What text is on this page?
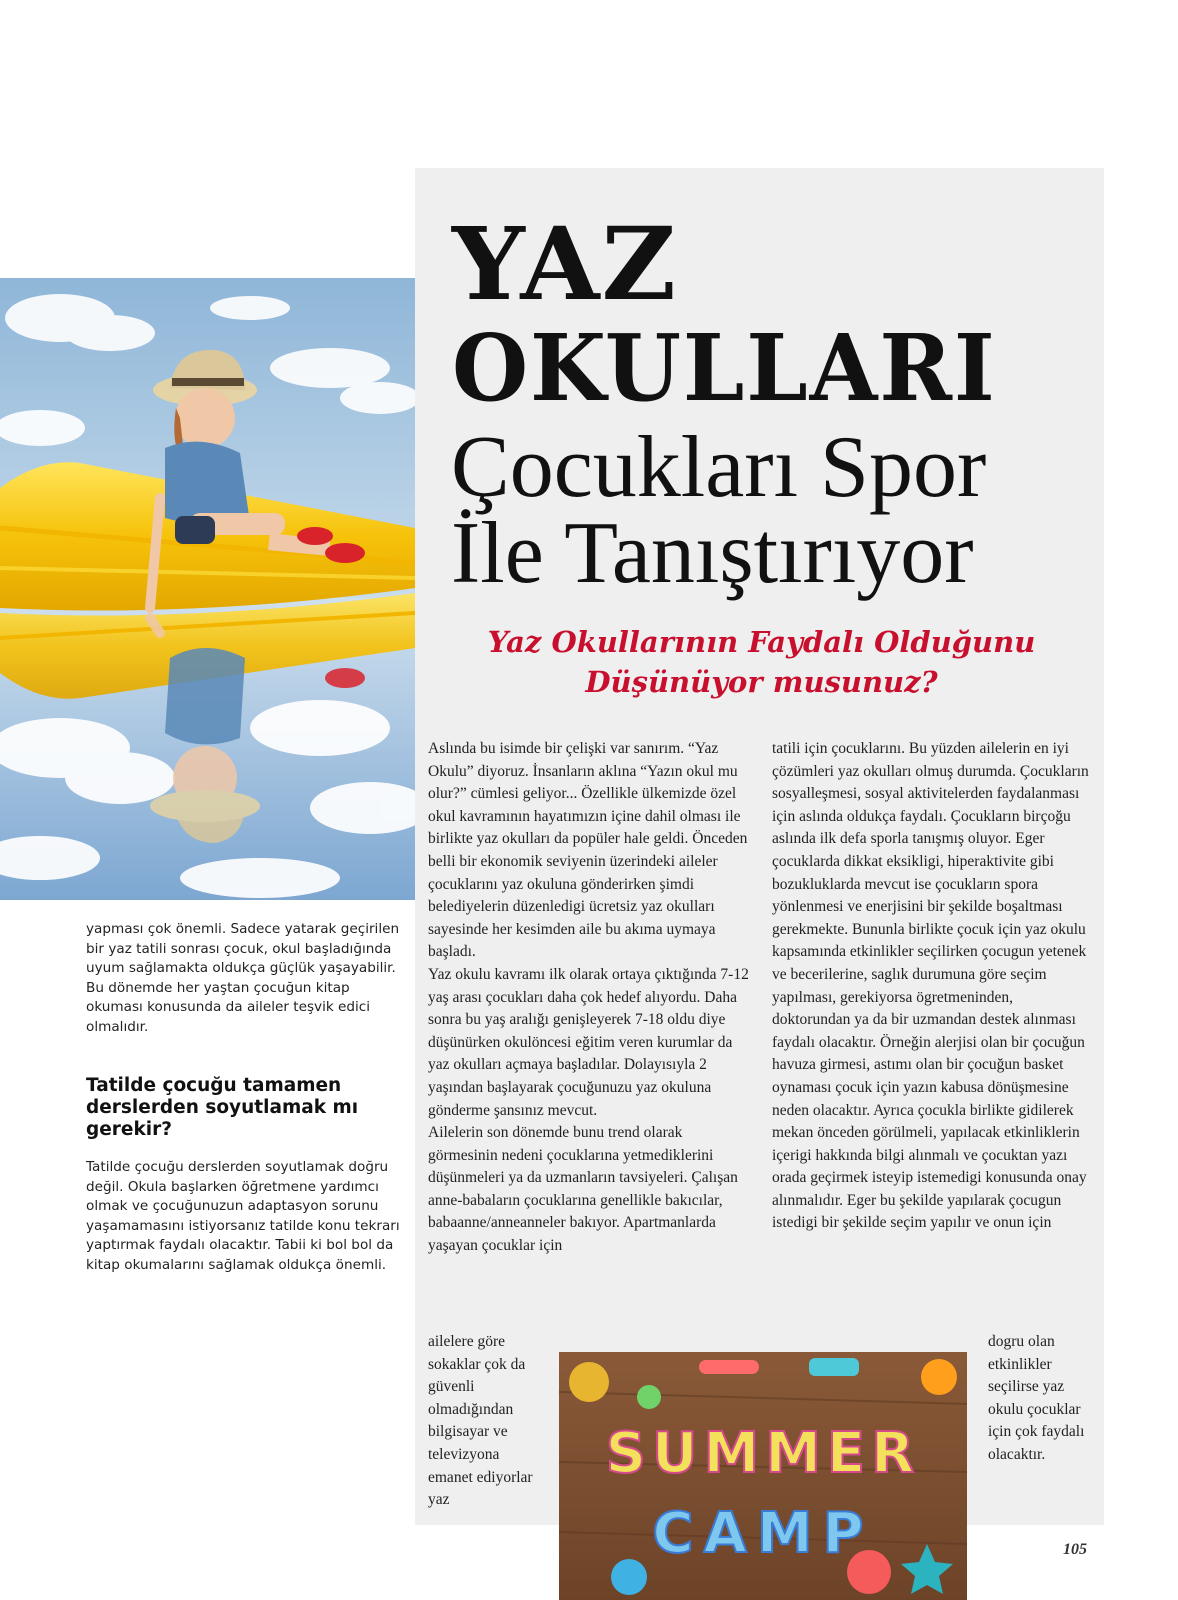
YAZ
OKULLARI
Çocukları Spor
İle Tanıştırıyor
Yaz Okullarının Faydalı Olduğunu
Düşünüyor musunuz?

yapması çok önemli. Sadece yatarak geçirilen bir yaz tatili sonrası çocuk, okul başladığında uyum sağlamakta oldukça güçlük yaşayabilir. Bu dönemde her yaştan çocuğun kitap okuması konusunda da aileler teşvik edici olmalıdır.

Tatilde çocuğu tamamen derslerden soyutlamak mı gerekir?

Tatilde çocuğu derslerden soyutlamak doğru değil. Okula başlarken öğretmene yardımcı olmak ve çocuğunuzun adaptasyon sorunu yaşamamasını istiyorsanız tatilde konu tekrarı yaptırmak faydalı olacaktır. Tabii ki bol bol da kitap okumalarını sağlamak oldukça önemli.

Aslında bu isimde bir çelişki var sanırım. “Yaz Okulu” diyoruz. İnsanların aklına “Yazın okul mu olur?” cümlesi geliyor... Özellikle ülkemizde özel okul kavramının hayatımızın içine dahil olması ile birlikte yaz okulları da popüler hale geldi. Önceden belli bir ekonomik seviyenin üzerindeki aileler çocuklarını yaz okuluna gönderirken şimdi belediyelerin düzenledigi ücretsiz yaz okulları sayesinde her kesimden aile bu akıma uymaya başladı.

Yaz okulu kavramı ilk olarak ortaya çıktığında 7-12 yaş arası çocukları daha çok hedef alıyordu. Daha sonra bu yaş aralığı genişleyerek 7-18 oldu diye düşünürken okulöncesi eğitim veren kurumlar da yaz okulları açmaya başladılar. Dolayısıyla 2 yaşından başlayarak çocuğunuzu yaz okuluna gönderme şansınız mevcut.

Ailelerin son dönemde bunu trend olarak görmesinin nedeni çocuklarına yetmediklerini düşünmeleri ya da uzmanların tavsiyeleri. Çalışan anne-babaların çocuklarına genellikle bakıcılar, babaanne/anneanneler bakıyor. Apartmanlarda yaşayan çocuklar için

ailelere göre sokaklar çok da güvenli olmadığından bilgisayar ve televizyona emanet ediyorlar yaz

tatili için çocuklarını. Bu yüzden ailelerin en iyi çözümleri yaz okulları olmuş durumda. Çocukların sosyalleşmesi, sosyal aktivitelerden faydalanması için aslında oldukça faydalı. Çocukların birçoğu aslında ilk defa sporla tanışmış oluyor. Eger çocuklarda dikkat eksikligi, hiperaktivite gibi bozukluklarda mevcut ise çocukların spora yönlenmesi ve enerjisini bir şekilde boşaltması gerekmekte. Bununla birlikte çocuk için yaz okulu kapsamında etkinlikler seçilirken çocugun yetenek ve becerilerine, saglık durumuna göre seçim yapılması, gerekiyorsa ögretmeninden, doktorundan ya da bir uzmandan destek alınması faydalı olacaktır. Örneğin alerjisi olan bir çocuğun havuza girmesi, astımı olan bir çocuğun basket oynaması çocuk için yazın kabusa dönüşmesine neden olacaktır. Ayrıca çocukla birlikte gidilerek mekan önceden görülmeli, yapılacak etkinliklerin içerigi hakkında bilgi alınmalı ve çocuktan yazı orada geçirmek isteyip istemedigi konusunda onay alınmalıdır. Eger bu şekilde yapılarak çocugun istedigi bir şekilde seçim yapılır ve onun için

dogru olan etkinlikler seçilirse yaz okulu çocuklar için çok faydalı olacaktır.
SUMMER
CAMP	105
